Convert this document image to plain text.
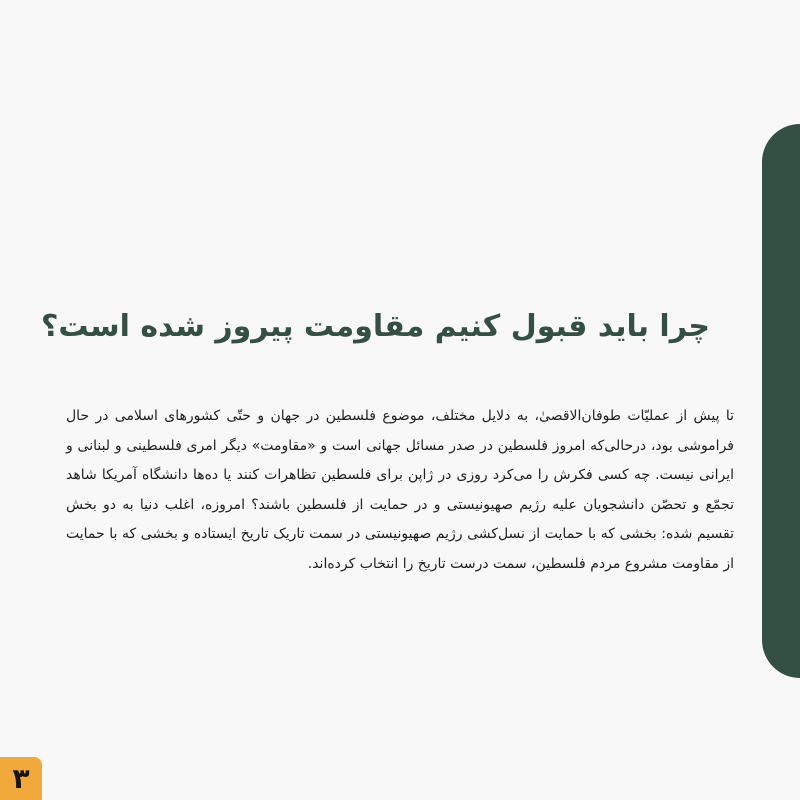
چرا باید قبول کنیم مقاومت پیروز شده است؟

تا پیش از عملیّات طوفان‌الاقصیٰ، به دلایل مختلف، موضوع فلسطین در جهان و حتّی کشورهای اسلامی در حال فراموشی بود، درحالی‌که امروز فلسطین در صدر مسائل جهانی است و «مقاومت» دیگر امری فلسطینی و لبنانی و ایرانی نیست. چه کسی فکرش را می‌کرد روزی در ژاپن برای فلسطین تظاهرات کنند یا ده‌ها دانشگاه آمریکا شاهد تجمّع و تحصّن دانشجویان علیه رژیم صهیونیستی و در حمایت از فلسطین باشند؟ امروزه، اغلب دنیا به دو بخش تقسیم شده: بخشی که با حمایت از نسل‌کشی رژیم صهیونیستی در سمت تاریک تاریخ ایستاده و بخشی که با حمایت از مقاومت مشروع مردم فلسطین، سمت درست تاریخ را انتخاب کرده‌اند.

۳
